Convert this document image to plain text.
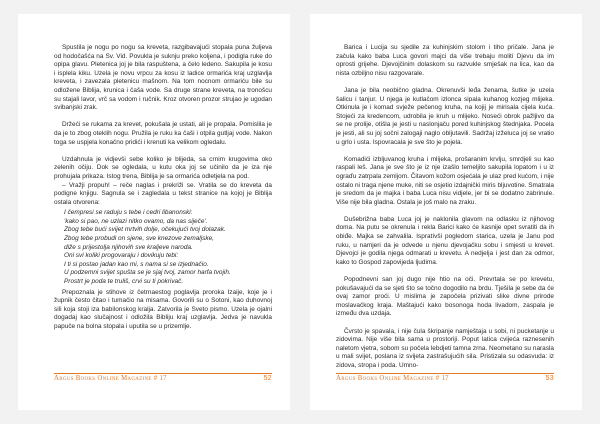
Spustila je nogu po nogu sa kreveta, razgibavajući stopala puna žuljeva od hodočašća na Sv. Vid. Povukla je suknju preko koljena, i podigla ruke do opipa glavu. Pletenica joj je bila raspuštena, a čelo ledeno. Sakupila je kosu i isplela kiku. Uzela je novu vrpcu za kosu iz ladice ormarića kraj uzglavlja kreveta, i zavezala pletenicu mašnom. Na tom nocnom ormariću bile su odložene Biblija, krunica i čaša vode. Sa druge strane kreveta, na tronošcu su stajali lavor, vrč sa vodom i ručnik. Kroz otvoren prozor strujao je ugodan svibanjski zrak.

Držeći se rukama za krevet, pokušala je ustati, ali je propala. Pomislila je da je to zbog oteklih nogu. Pružila je ruku ka čaši i otpila gutljaj vode. Nakon toga se uspjela konačno pridići i krenuti ka velikom ogledalu.

Uzdahnula je vidjevši sebe koliko je blijeda, sa crnim krugovima oko zelenih očiju. Dok se ogledala, u kutu oka joj se učinilo da je iza nje prohujala prikaza. Istog trena, Biblija je sa ormarića odletjela na pod.

– Vražji propuh! – reče naglas i prekriži se. Vratila se do kreveta da podigne knjigu. Sagnula se i zagledala u tekst stranice na kojoj je Biblija ostala otvorena:

I čempresi se raduju s tebe i cedri libanonski:
'kako si pao, ne uzlazi nitko ovamo, da nas siječe'.
Zbog tebe bući svijet mrtvih dolje, očekujući tvoj dolazak.
Zbog tebe probudi on sjene, sve knezove zemaljske,
diže s prijestolja njihovih sve kraljeve naroda.
Oni svi koliki progovaraju i dovikuju tebi:
I ti si postao jadan kao mi, s nama si se izjednačio.
U podzemni svijet spušta se je sjaj tvoj, zamor harfa tvojih.
Prostrt je poda te truliš, crvi su ti pokrivač.

Prepoznala je stihove iz četrnaestog poglavlja proroka Izaije, koje je i župnik često čitao i tumačio na misama. Govorili su o Sotoni, kao duhovnoj sili koja stoji iza babilonskog kralja. Zatvorila je Sveto pismo. Uzela je ojalni dogadaj kao slučajnost i odložila Bibliju kraj uzglavlja. Jedva je navukla papuče na bolna stopala i uputila se u prizemlje.

Argus Books Online Magazine # 17	52

Barica i Lucija su sjedile za kuhinjskim stolom i tiho pričale. Jana je začula kako baba Luca govori majci da više trebaju moliti Djevu da im oprosti grijehe. Djevojčinim dolaskom su razvukle smješak na lica, kao da nista ozbiljno nisu razgovarale.

Jana je bila neobično gladna. Okrenuvši leđa ženama, šutke je uzela šalicu i tanjur. U njega je kutlačom izlonca sipala kuhanog kozjeg mlijeka. Otkinula je i komad svježe pečenog kruha, na kojij je mirisala cijela kuća. Stojeći za kredencom, udrobila je kruh u mlijeko. Noseći obrok pažljivo da se ne prolije, otišla je jesti u naslonjaču pored kuhinjskog štednjaka. Pocela je jesti, ali su joj sočni zalogaji naglo obljutavili. Sadržaj izželuca joj se vratio u grlo i usta. Ispovracala je sve što je pojela.

Komadići izbljuvanog kruha i mlijeka, prošaranim krvlju, smrdjeli su kao raspali leš. Jana je sve što je iz nje izašlo temeljito sakupila lopatom i u iz ograďu zatrpala zemljom. Čitavom kožom osjećala je ulaz pred kućom, i nije ostalo ni traga njene muke, niti se osjetio izdajnički miris bljuvotine. Smatrala je sredom da je majka i baba Luca nisu vidjele, jer bi se dodatno zabrinule. Više nije bila gladna. Ostala je još malo na zraku.

Dušebrižna baba Luca joj je naklonila glavom na odlasku iz njihovog doma. Na putu se okrenula i rekla Barici kako će kasnije opet svratiti da ih obiđe. Majka se zahvalila. Ispratívši pogledom starica, uzela je Janu pod ruku, u namjeri da je odvede u njenu djevojačku sobu i smjesti u krevet. Djevojci je godila njega odmarati u krevetu. A nedjelja i jest dan za odmor, kako to Gospod zapovijeda ljudima.

Popodnevni san joj dugo nije htio na oči. Prevrtala se po krevetu, pokušavajući da se sjeti što se točno dogodilo na brdu. Tješila je sebe da će ovaj zamor proći. U mislima je započela prizivati slike divne prirode moslavačkog kraja. Maštajući kako bosonoga hoda livadom, zaspala je između dva uzdaja.

Čvrsto je spavala, i nije čula škripanje namještaja u sobi, ni pucketanje u zidovima. Nije više bila sama u prostoriji. Poput latica cvijeća raznesenih naletom vjetra, sobom su počela lebdjeti tamna zrna. Neometano su narasla u mali svijet, poslana iz svijeta zastrašujućih sila. Pristizala su odasvuda: iz zidova, stropa i poda. Umno-

Argus Books Online Magazine # 17	53
